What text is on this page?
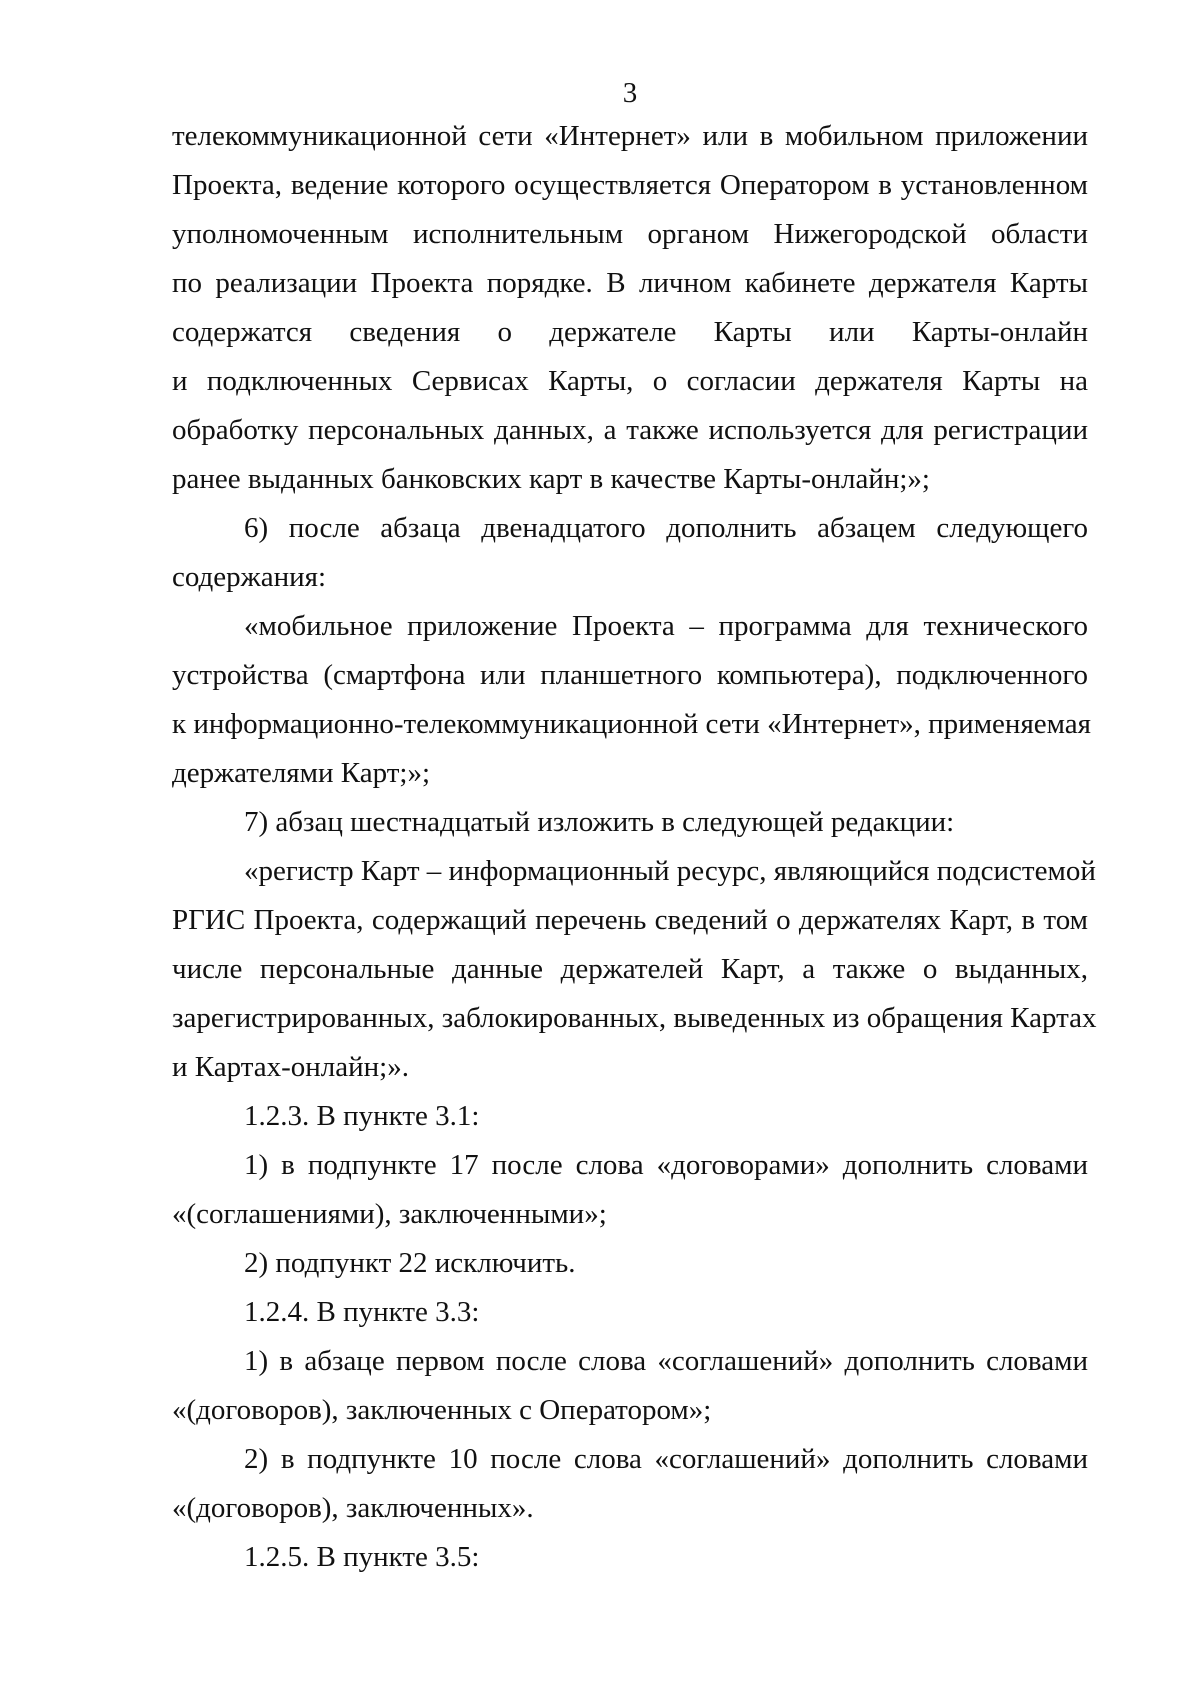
3
телекоммуникационной сети «Интернет» или в мобильном приложении
Проекта, ведение которого осуществляется Оператором в установленном
уполномоченным исполнительным органом Нижегородской области
по реализации Проекта порядке. В личном кабинете держателя Карты
содержатся сведения о держателе Карты или Карты-онлайн
и подключенных Сервисах Карты, о согласии держателя Карты на
обработку персональных данных, а также используется для регистрации
ранее выданных банковских карт в качестве Карты-онлайн;»;
6) после абзаца двенадцатого дополнить абзацем следующего
содержания:
«мобильное приложение Проекта – программа для технического
устройства (смартфона или планшетного компьютера), подключенного
к информационно-телекоммуникационной сети «Интернет», применяемая
держателями Карт;»;
7) абзац шестнадцатый изложить в следующей редакции:
«регистр Карт – информационный ресурс, являющийся подсистемой
РГИС Проекта, содержащий перечень сведений о держателях Карт, в том
числе персональные данные держателей Карт, а также о выданных,
зарегистрированных, заблокированных, выведенных из обращения Картах
и Картах-онлайн;».
1.2.3. В пункте 3.1:
1) в подпункте 17 после слова «договорами» дополнить словами
«(соглашениями), заключенными»;
2) подпункт 22 исключить.
1.2.4. В пункте 3.3:
1) в абзаце первом после слова «соглашений» дополнить словами
«(договоров), заключенных с Оператором»;
2) в подпункте 10 после слова «соглашений» дополнить словами
«(договоров), заключенных».
1.2.5. В пункте 3.5:
